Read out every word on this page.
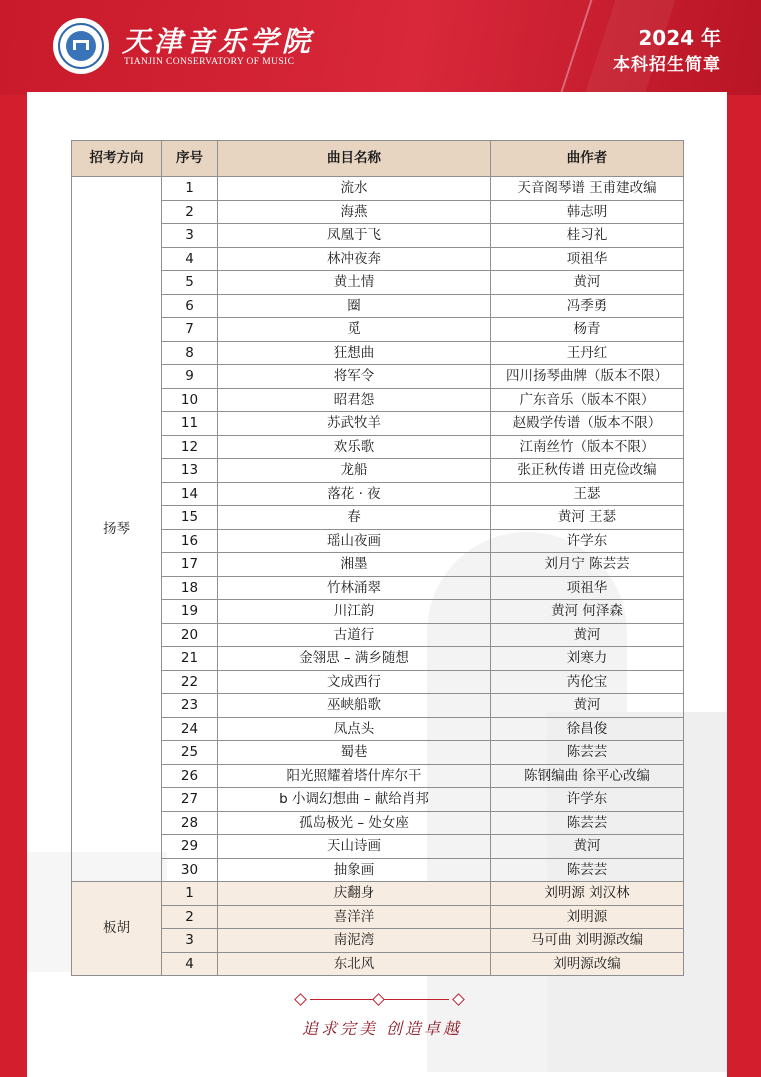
天津音乐学院
TIANJIN CONSERVATORY OF MUSIC
2024 年
本科招生简章
招考方向	序号	曲目名称	曲作者
扬琴	1	流水	天音阁琴谱 王甫建改编
	2	海燕	韩志明
	3	凤凰于飞	桂习礼
	4	林冲夜奔	项祖华
	5	黄土情	黄河
	6	圈	冯季勇
	7	觅	杨青
	8	狂想曲	王丹红
	9	将军令	四川扬琴曲牌（版本不限）
	10	昭君怨	广东音乐（版本不限）
	11	苏武牧羊	赵殿学传谱（版本不限）
	12	欢乐歌	江南丝竹（版本不限）
	13	龙船	张正秋传谱 田克俭改编
	14	落花 · 夜	王瑟
	15	春	黄河 王瑟
	16	瑶山夜画	许学东
	17	湘墨	刘月宁 陈芸芸
	18	竹林涌翠	项祖华
	19	川江韵	黄河 何泽森
	20	古道行	黄河
	21	金翎思 – 满乡随想	刘寒力
	22	文成西行	芮伦宝
	23	巫峡船歌	黄河
	24	凤点头	徐昌俊
	25	蜀巷	陈芸芸
	26	阳光照耀着塔什库尔干	陈钢编曲 徐平心改编
	27	b 小调幻想曲 – 献给肖邦	许学东
	28	孤岛极光 – 处女座	陈芸芸
	29	天山诗画	黄河
	30	抽象画	陈芸芸
板胡	1	庆翻身	刘明源 刘汉林
	2	喜洋洋	刘明源
	3	南泥湾	马可曲 刘明源改编
	4	东北风	刘明源改编
追求完美 创造卓越
